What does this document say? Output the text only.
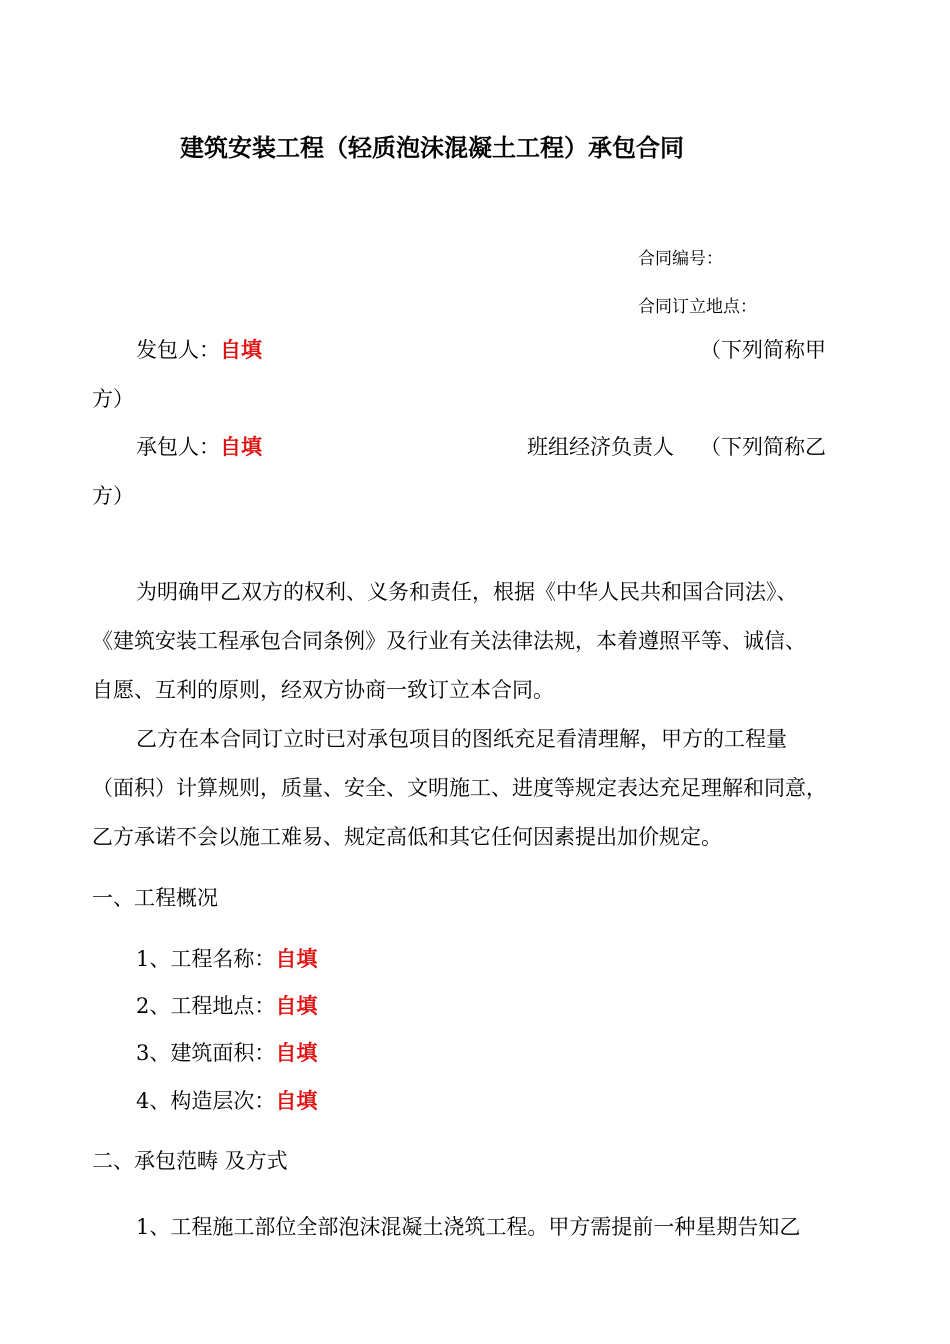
建筑安装工程（轻质泡沫混凝土工程）承包合同
合同编号：
合同订立地点：
发包人：自填	（下列简称甲
方）
承包人：自填	班组经济负责人 （下列简称乙
方）
为明确甲乙双方的权利、义务和责任，根据《中华人民共和国合同法》、
《建筑安装工程承包合同条例》及行业有关法律法规，本着遵照平等、诚信、
自愿、互利的原则，经双方协商一致订立本合同。
乙方在本合同订立时已对承包项目的图纸充足看清理解，甲方的工程量
（面积）计算规则，质量、安全、文明施工、进度等规定表达充足理解和同意，
乙方承诺不会以施工难易、规定高低和其它任何因素提出加价规定。
一、工程概况
1、工程名称：自填
2、工程地点：自填
3、建筑面积：自填
4、构造层次：自填
二、承包范畴 及方式
1、工程施工部位全部泡沫混凝土浇筑工程。甲方需提前一种星期告知乙
